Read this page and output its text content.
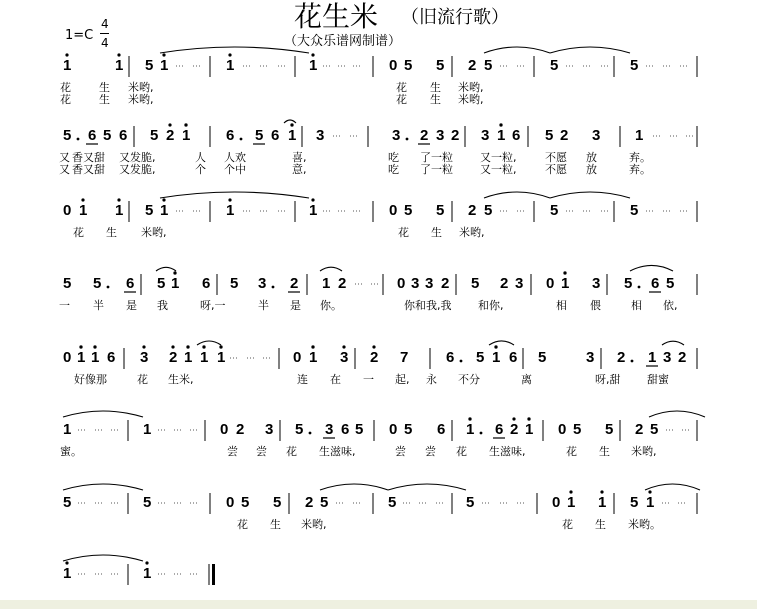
花生米 （旧流行歌）
（大众乐谱网制谱）
1=C
4
4
1	1 5 1	1	1	0 5 5 2 5	5	5
花	生 米哟,	花 生 米哟,
花	生 米哟,	花 生 米哟,
5 6 5 6 5 2 1 6 5 6 1 3	3 2 3 2 3 1 6 5 2 3 1
又 香又甜 又发脆,	人 人欢	喜,	吃 了一粒 又一粒,	不愿 放	弃。
又 香又甜 又发脆,	个 个中	意,	吃 了一粒 又一粒,	不愿 放	弃。
0 1 1 5 1	1	1	0 5 5 2 5	5	5
花 生 米哟,	花 生 米哟,
5 5 6 5 1 6 5 3 2 1 2	0 3 3 2 5 2 3 0 1 3 5 6 5
一 半 是 我	呀,一	半 是 你。	你和我,我 和你,	相 偎	相 依,
0 1 1 6 3 2 1 1 1	0 1 3 2 7	6 5 1 6 5	3 2 1 3 2
好像那	花 生米,	连 在 一 起, 永 不分	离	呀,甜 甜蜜
1	1	0 2 3 5 3 6 5 0 5 6 1 6 2 1 0 5 5 2 5
蜜。	尝 尝 花 生滋味,	尝 尝 花 生滋味,	花 生 米哟,
5	5	0 5 5 2 5	5	5	0 1 1 5 1
花 生 米哟,	花 生 米哟。
1	1
